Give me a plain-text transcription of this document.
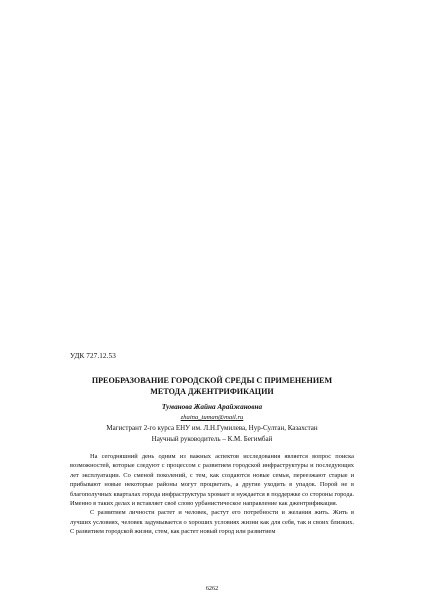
УДК 727.12.53
ПРЕОБРАЗОВАНИЕ ГОРОДСКОЙ СРЕДЫ С ПРИМЕНЕНИЕМ
МЕТОДА ДЖЕНТРИФИКАЦИИ
Туманова Жайна Арайжановна
zhaina_tuman@mail.ru
Магистрант 2-го курса ЕНУ им. Л.Н.Гумилева, Нур-Султан, Казахстан
Научный руководитель – К.М. Бегимбай

На сегодняшний день одним из важных аспектов исследования является вопрос поиска возможностей, которые следуют с процессом с развитием городской инфраструктуры и последующих лет эксплуатации. Со сменой поколений, с тем, как создаются новые семьи, переезжают старые и прибывают новые некоторые районы могут процветать, а другие уходить в упадок. Порой не в благополучных кварталах города инфраструктура хромает и нуждается в поддержке со стороны города. Именно в таких делах и вставляет своё слово урбанистическое направление как джентрификация.

С развитием личности растет и человек, растут его потребности и желания жить. Жить в лучших условиях, человек задумывается о хороших условиях жизни как для себя, так и своих близких. С развитием городской жизни, стем, как растет новый город или развитием

6262
